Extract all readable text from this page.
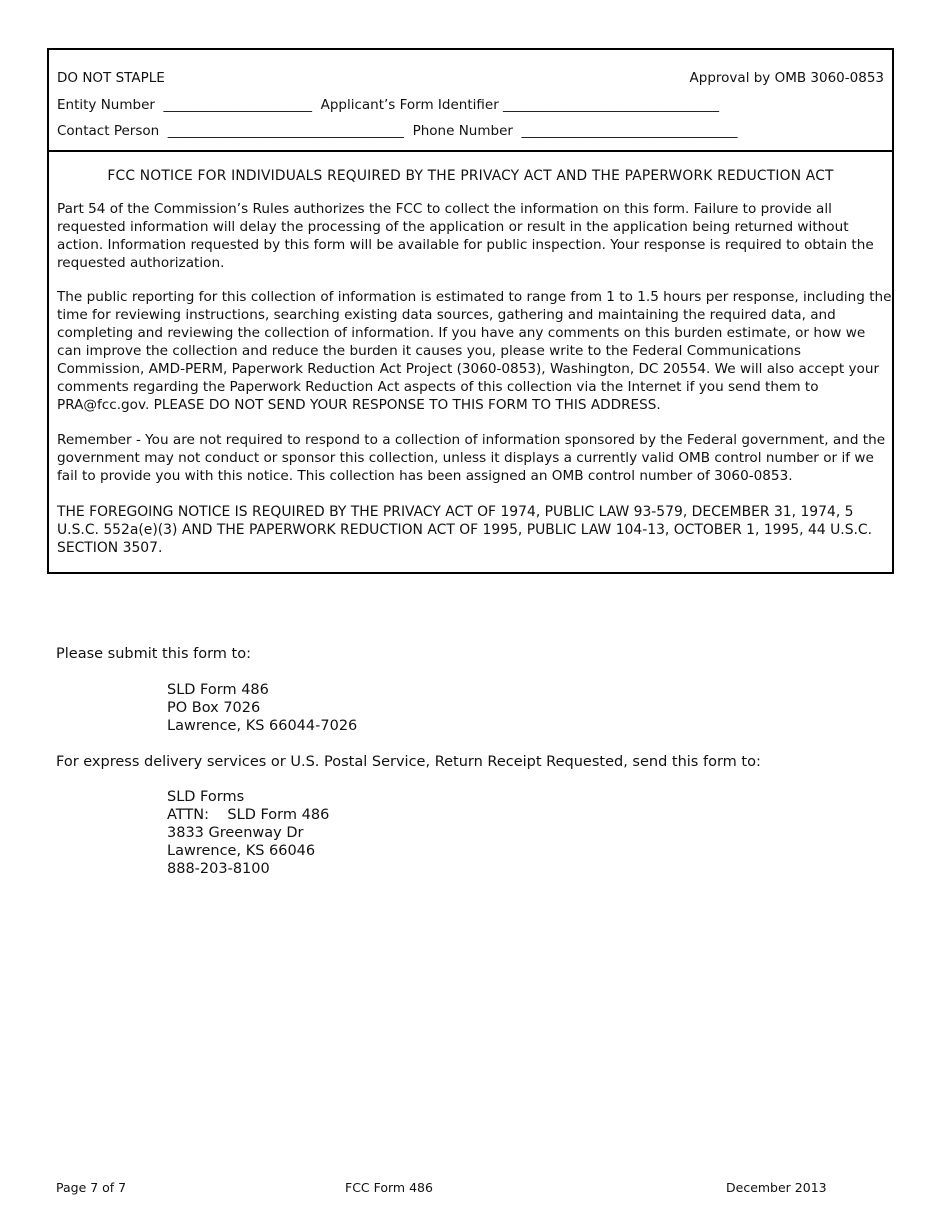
DO NOT STAPLE	Approval by OMB 3060-0853
Entity Number  ______________________  Applicant’s Form Identifier ________________________________
Contact Person  ___________________________________  Phone Number  ________________________________
FCC NOTICE FOR INDIVIDUALS REQUIRED BY THE PRIVACY ACT AND THE PAPERWORK REDUCTION ACT

Part 54 of the Commission’s Rules authorizes the FCC to collect the information on this form. Failure to provide all requested information will delay the processing of the application or result in the application being returned without action. Information requested by this form will be available for public inspection. Your response is required to obtain the requested authorization.

The public reporting for this collection of information is estimated to range from 1 to 1.5 hours per response, including the time for reviewing instructions, searching existing data sources, gathering and maintaining the required data, and completing and reviewing the collection of information. If you have any comments on this burden estimate, or how we can improve the collection and reduce the burden it causes you, please write to the Federal Communications Commission, AMD-PERM, Paperwork Reduction Act Project (3060-0853), Washington, DC 20554. We will also accept your comments regarding the Paperwork Reduction Act aspects of this collection via the Internet if you send them to PRA@fcc.gov. PLEASE DO NOT SEND YOUR RESPONSE TO THIS FORM TO THIS ADDRESS.

Remember - You are not required to respond to a collection of information sponsored by the Federal government, and the government may not conduct or sponsor this collection, unless it displays a currently valid OMB control number or if we fail to provide you with this notice. This collection has been assigned an OMB control number of 3060-0853.

THE FOREGOING NOTICE IS REQUIRED BY THE PRIVACY ACT OF 1974, PUBLIC LAW 93-579, DECEMBER 31, 1974, 5 U.S.C. 552a(e)(3) AND THE PAPERWORK REDUCTION ACT OF 1995, PUBLIC LAW 104-13, OCTOBER 1, 1995, 44 U.S.C. SECTION 3507.

Please submit this form to:
SLD Form 486
PO Box 7026
Lawrence, KS 66044-7026
For express delivery services or U.S. Postal Service, Return Receipt Requested, send this form to:
SLD Forms
ATTN:    SLD Form 486
3833 Greenway Dr
Lawrence, KS 66046
888-203-8100
Page 7 of 7	FCC Form 486	December 2013
